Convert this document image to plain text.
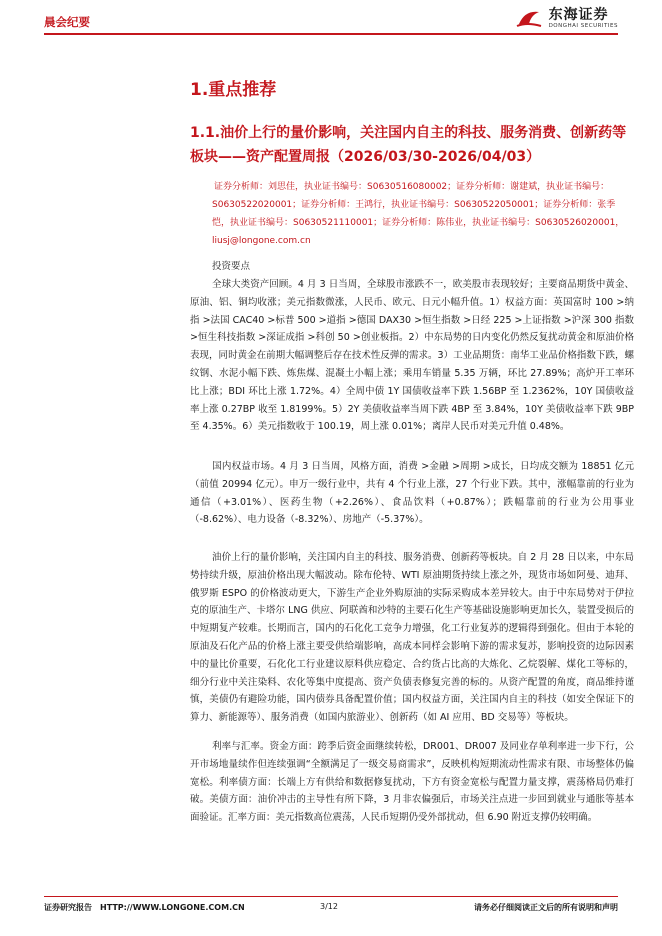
晨会纪要	东海证券
DONGHAI SECURITIES
1.重点推荐
1.1.油价上行的量价影响，关注国内自主的科技、服务消费、创新药等板块——资产配置周报（2026/03/30-2026/04/03）
证券分析师：刘思佳，执业证书编号：S0630516080002；证券分析师：谢建斌，执业证书编号：S0630522020001；证券分析师：王鸿行，执业证书编号：S0630522050001；证券分析师：张季恺，执业证书编号：S0630521110001；证券分析师：陈伟业，执业证书编号：S0630526020001，liusj@longone.com.cn
投资要点
全球大类资产回顾。4 月 3 日当周，全球股市涨跌不一，欧美股市表现较好；主要商品期货中黄金、原油、铝、铜均收涨；美元指数微涨，人民币、欧元、日元小幅升值。1）权益方面：英国富时 100 >纳指 >法国 CAC40 >标普 500 >道指 >德国 DAX30 >恒生指数 >日经 225 >上证指数 >沪深 300 指数 >恒生科技指数 >深证成指 >科创 50 >创业板指。2）中东局势的日内变化仍然反复扰动黄金和原油价格表现，同时黄金在前期大幅调整后存在技术性反弹的需求。3）工业品期货：南华工业品价格指数下跌，螺纹钢、水泥小幅下跌、炼焦煤、混凝土小幅上涨；乘用车销量 5.35 万辆，环比 27.89%；高炉开工率环比上涨；BDI 环比上涨 1.72%。4）全周中债 1Y 国债收益率下跌 1.56BP 至 1.2362%，10Y 国债收益率上涨 0.27BP 收至 1.8199%。5）2Y 美债收益率当周下跌 4BP 至 3.84%，10Y 美债收益率下跌 9BP 至 4.35%。6）美元指数收于 100.19，周上涨 0.01%；离岸人民币对美元升值 0.48%。
国内权益市场。4 月 3 日当周，风格方面，消费 >金融 >周期 >成长，日均成交额为 18851 亿元（前值 20994 亿元）。申万一级行业中，共有 4 个行业上涨，27 个行业下跌。其中，涨幅靠前的行业为通信（+3.01%）、医药生物（+2.26%）、食品饮料（+0.87%）；跌幅靠前的行业为公用事业（-8.62%）、电力设备（-8.32%）、房地产（-5.37%）。
油价上行的量价影响，关注国内自主的科技、服务消费、创新药等板块。自 2 月 28 日以来，中东局势持续升级，原油价格出现大幅波动。除布伦特、WTI 原油期货持续上涨之外，现货市场如阿曼、迪拜、俄罗斯 ESPO 的价格波动更大，下游生产企业外购原油的实际采购成本差异较大。由于中东局势对于伊拉克的原油生产、卡塔尔 LNG 供应、阿联酋和沙特的主要石化生产等基础设施影响更加长久，装置受损后的中短期复产较难。长期而言，国内的石化化工竞争力增强，化工行业复苏的逻辑得到强化。但由于本轮的原油及石化产品的价格上涨主要受供给端影响，高成本同样会影响下游的需求复苏，影响投资的边际因素中的量比价重要，石化化工行业建议原料供应稳定、合约货占比高的大炼化、乙烷裂解、煤化工等标的，细分行业中关注染料、农化等集中度提高、资产负债表修复完善的标的。从资产配置的角度，商品维持谨慎，美债仍有避险功能，国内债券具备配置价值；国内权益方面，关注国内自主的科技（如安全保证下的算力、新能源等）、服务消费（如国内旅游业）、创新药（如 AI 应用、BD 交易等）等板块。
利率与汇率。资金方面：跨季后资金面继续转松，DR001、DR007 及同业存单利率进一步下行，公开市场地量续作但连续强调“全额满足了一级交易商需求”，反映机构短期流动性需求有限、市场整体仍偏宽松。利率债方面：长端上方有供给和数据修复扰动，下方有资金宽松与配置力量支撑，震荡格局仍难打破。美债方面：油价冲击的主导性有所下降，3 月非农偏强后，市场关注点进一步回到就业与通胀等基本面验证。汇率方面：美元指数高位震荡，人民币短期仍受外部扰动，但 6.90 附近支撑仍较明确。
证券研究报告 HTTP://WWW.LONGONE.COM.CN	3/12	请务必仔细阅读正文后的所有说明和声明
